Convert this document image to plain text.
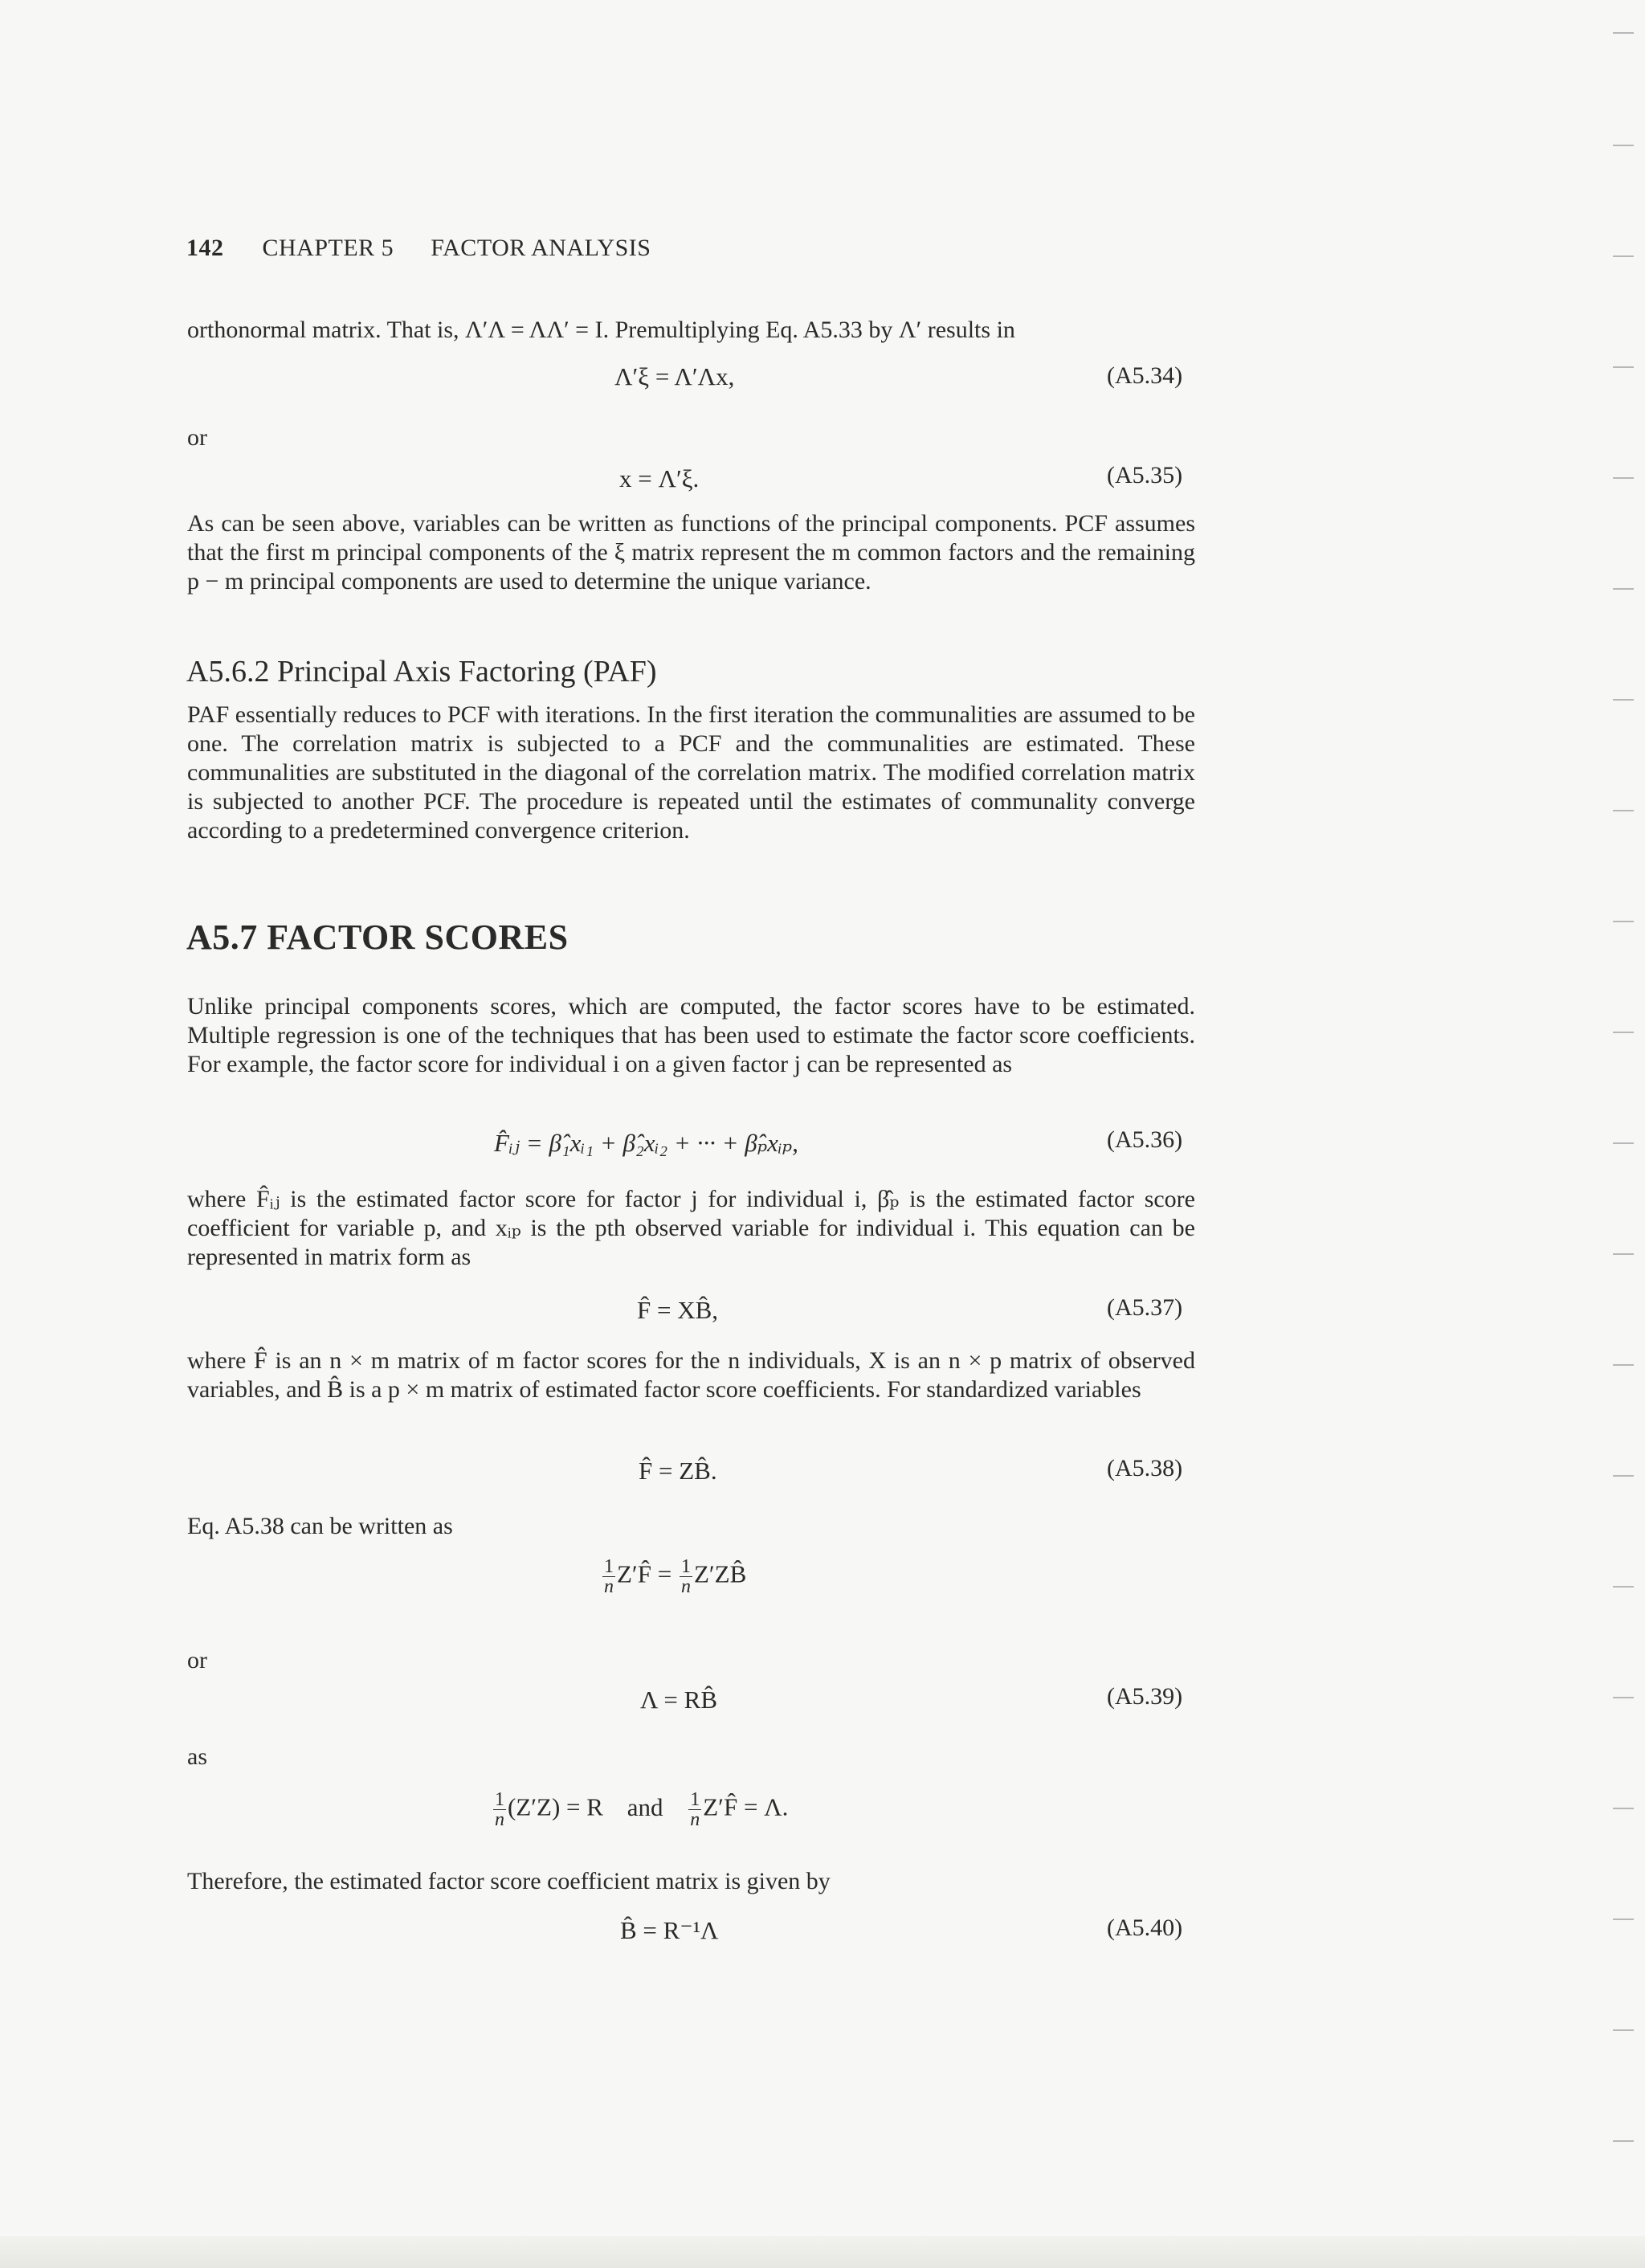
142 CHAPTER 5 FACTOR ANALYSIS
orthonormal matrix. That is, Λ′Λ = ΛΛ′ = I. Premultiplying Eq. A5.33 by Λ′ results in
Λ′ξ = Λ′Λx,	(A5.34)
or
x = Λ′ξ.	(A5.35)
As can be seen above, variables can be written as functions of the principal components. PCF assumes that the first m principal components of the ξ matrix represent the m common factors and the remaining p − m principal components are used to determine the unique variance.
A5.6.2 Principal Axis Factoring (PAF)
PAF essentially reduces to PCF with iterations. In the first iteration the communalities are assumed to be one. The correlation matrix is subjected to a PCF and the communalities are estimated. These communalities are substituted in the diagonal of the correlation matrix. The modified correlation matrix is subjected to another PCF. The procedure is repeated until the estimates of communality converge according to a predetermined convergence criterion.
A5.7 FACTOR SCORES
Unlike principal components scores, which are computed, the factor scores have to be estimated. Multiple regression is one of the techniques that has been used to estimate the factor score coefficients. For example, the factor score for individual i on a given factor j can be represented as
F̂ᵢⱼ = β̂₁xᵢ₁ + β̂₂xᵢ₂ + ··· + β̂ₚxᵢₚ,	(A5.36)
where F̂ᵢⱼ is the estimated factor score for factor j for individual i, β̂ₚ is the estimated factor score coefficient for variable p, and xᵢₚ is the pth observed variable for individual i. This equation can be represented in matrix form as
F̂ = XB̂,	(A5.37)
where F̂ is an n × m matrix of m factor scores for the n individuals, X is an n × p matrix of observed variables, and B̂ is a p × m matrix of estimated factor score coefficients. For standardized variables
F̂ = ZB̂.	(A5.38)
Eq. A5.38 can be written as
$\frac{1}{n}$ Z′F̂ = $\frac{1}{n}$ Z′ZB̂
or
Λ = RB̂	(A5.39)
as
$\frac{1}{n} (Z'Z) = R$ and $\frac{1}{n}$ Z′F̂ = Λ.
Therefore, the estimated factor score coefficient matrix is given by
B̂ = R⁻¹Λ	(A5.40)
